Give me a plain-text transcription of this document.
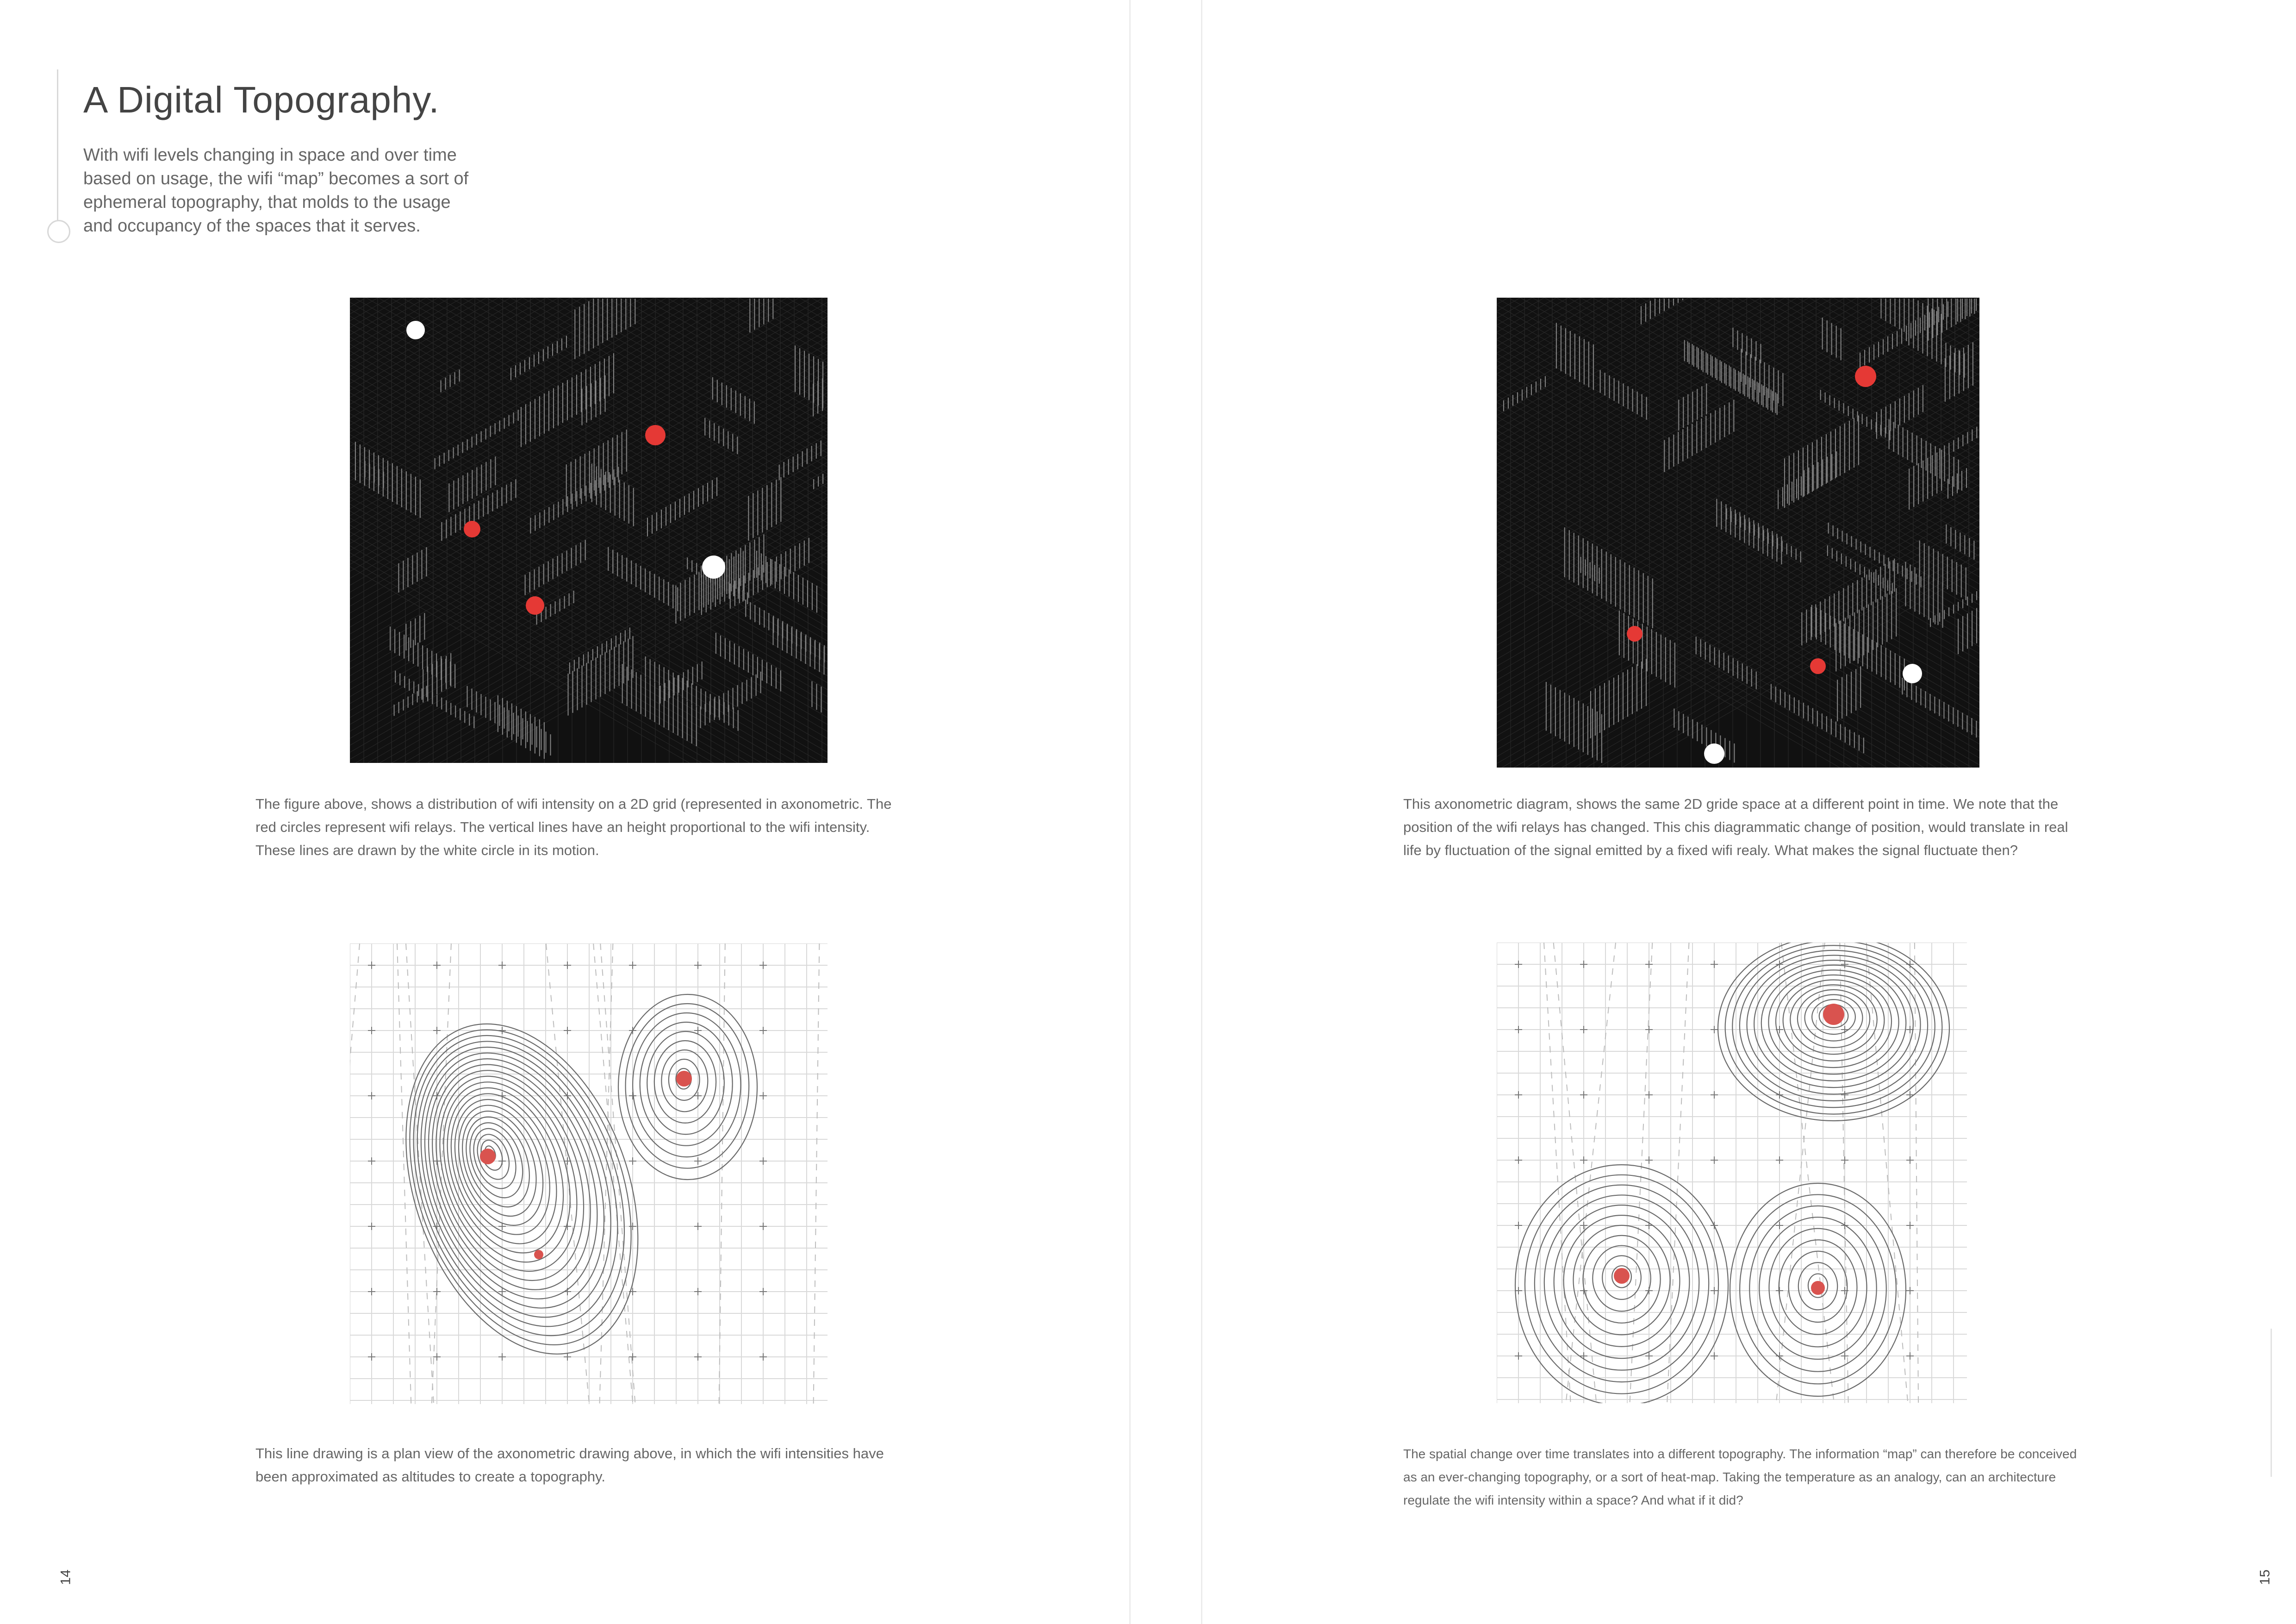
A Digital Topography.

With wifi levels changing in space and over time based on usage, the wifi “map” becomes a sort of ephemeral topography, that molds to the usage and occupancy of the spaces that it serves.

The figure above, shows a distribution of wifi intensity on a 2D grid (represented in axonometric. The red circles represent wifi relays. The vertical lines have an height proportional to the wifi intensity. These lines are drawn by the white circle in its motion.

This line drawing is a plan view of the axonometric drawing above, in which the wifi intensities have been approximated as altitudes to create a topography.

14

This axonometric diagram, shows the same 2D gride space at a different point in time. We note that the position of the wifi relays has changed. This chis diagrammatic change of position, would translate in real life by fluctuation of the signal emitted by a fixed wifi realy. What makes the signal fluctuate then?

The spatial change over time translates into a different topography. The information “map” can therefore be conceived as an ever-changing topography, or a sort of heat-map. Taking the temperature as an analogy, can an architecture regulate the wifi intensity within a space? And what if it did?

15
